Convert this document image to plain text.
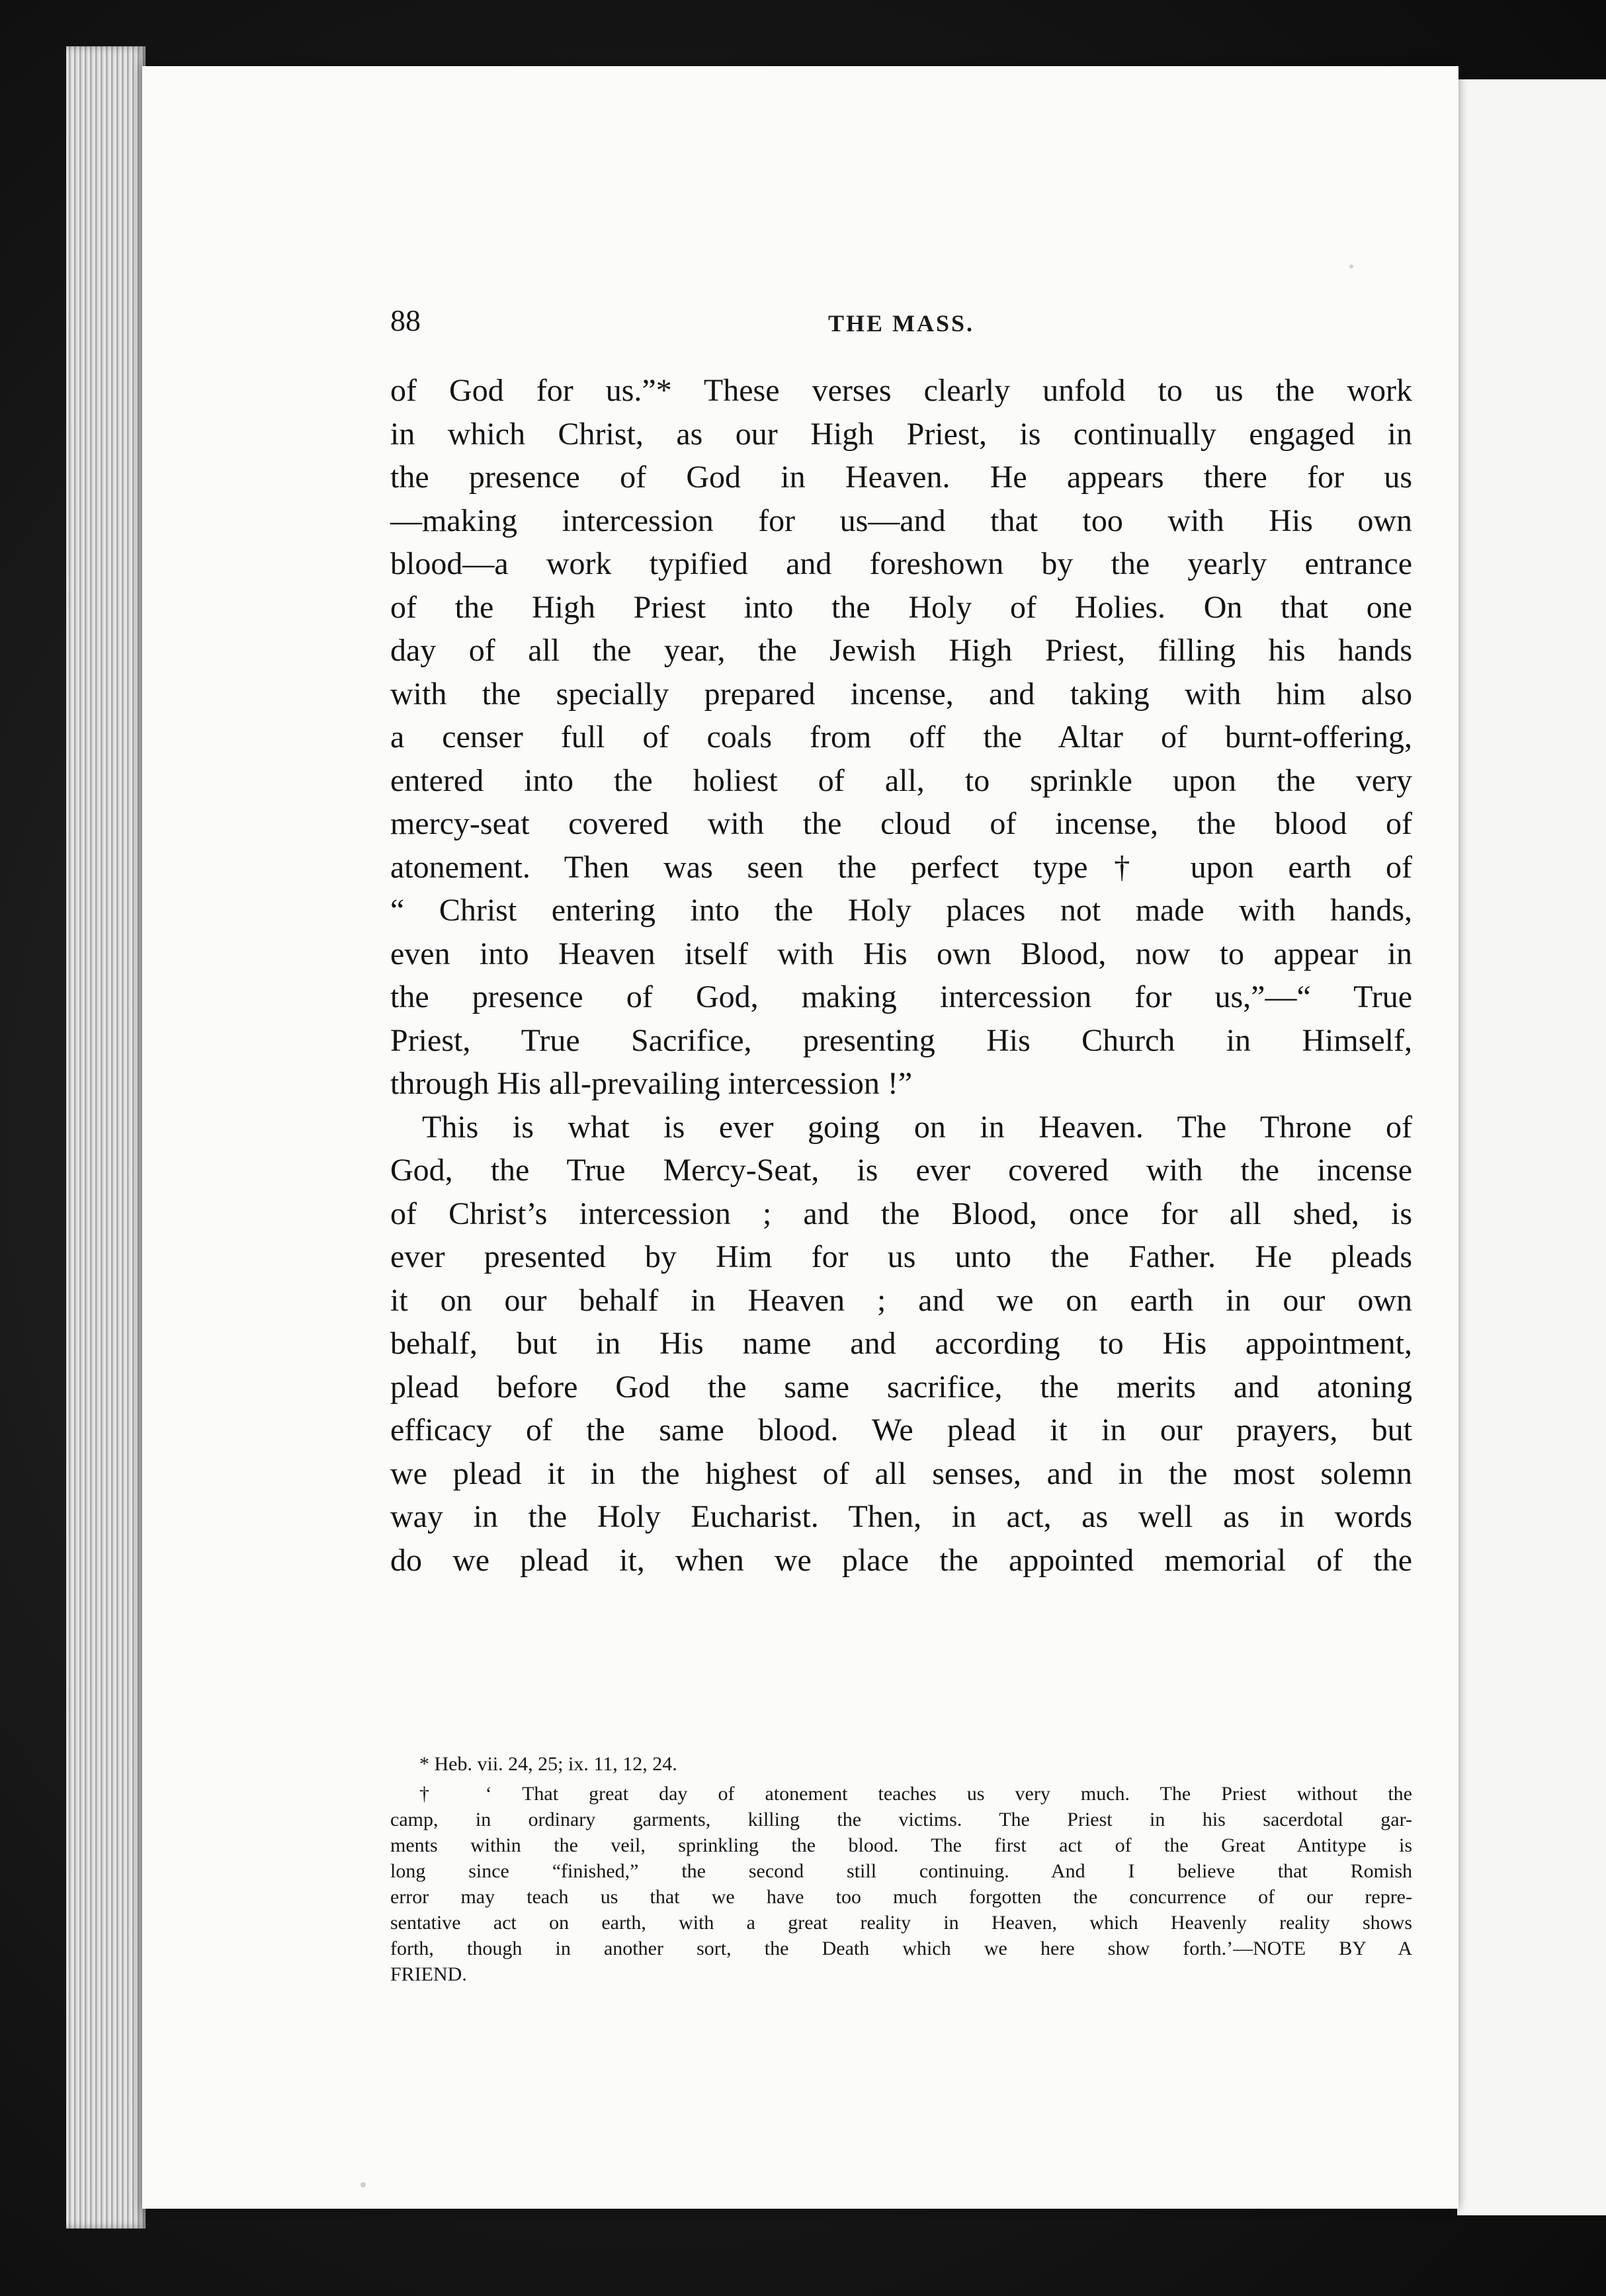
88	THE MASS.
of God for us.”* These verses clearly unfold to us the work
in which Christ, as our High Priest, is continually engaged in
the presence of God in Heaven. He appears there for us
—making intercession for us—and that too with His own
blood—a work typified and foreshown by the yearly entrance
of the High Priest into the Holy of Holies. On that one
day of all the year, the Jewish High Priest, filling his hands
with the specially prepared incense, and taking with him also
a censer full of coals from off the Altar of burnt-offering,
entered into the holiest of all, to sprinkle upon the very
mercy-seat covered with the cloud of incense, the blood of
atonement. Then was seen the perfect type† upon earth of
“ Christ entering into the Holy places not made with hands,
even into Heaven itself with His own Blood, now to appear in
the presence of God, making intercession for us,”—“ True
Priest, True Sacrifice, presenting His Church in Himself,
through His all-prevailing intercession !”
This is what is ever going on in Heaven. The Throne of
God, the True Mercy-Seat, is ever covered with the incense
of Christ’s intercession ; and the Blood, once for all shed, is
ever presented by Him for us unto the Father. He pleads
it on our behalf in Heaven ; and we on earth in our own
behalf, but in His name and according to His appointment,
plead before God the same sacrifice, the merits and atoning
efficacy of the same blood. We plead it in our prayers, but
we plead it in the highest of all senses, and in the most solemn
way in the Holy Eucharist. Then, in act, as well as in words
do we plead it, when we place the appointed memorial of the
* Heb. vii. 24, 25; ix. 11, 12, 24.
† ‘ That great day of atonement teaches us very much. The Priest without the
camp, in ordinary garments, killing the victims. The Priest in his sacerdotal gar-
ments within the veil, sprinkling the blood. The first act of the Great Antitype is
long since “finished,” the second still continuing. And I believe that Romish
error may teach us that we have too much forgotten the concurrence of our repre-
sentative act on earth, with a great reality in Heaven, which Heavenly reality shows
forth, though in another sort, the Death which we here show forth.’—NOTE BY A
FRIEND.
